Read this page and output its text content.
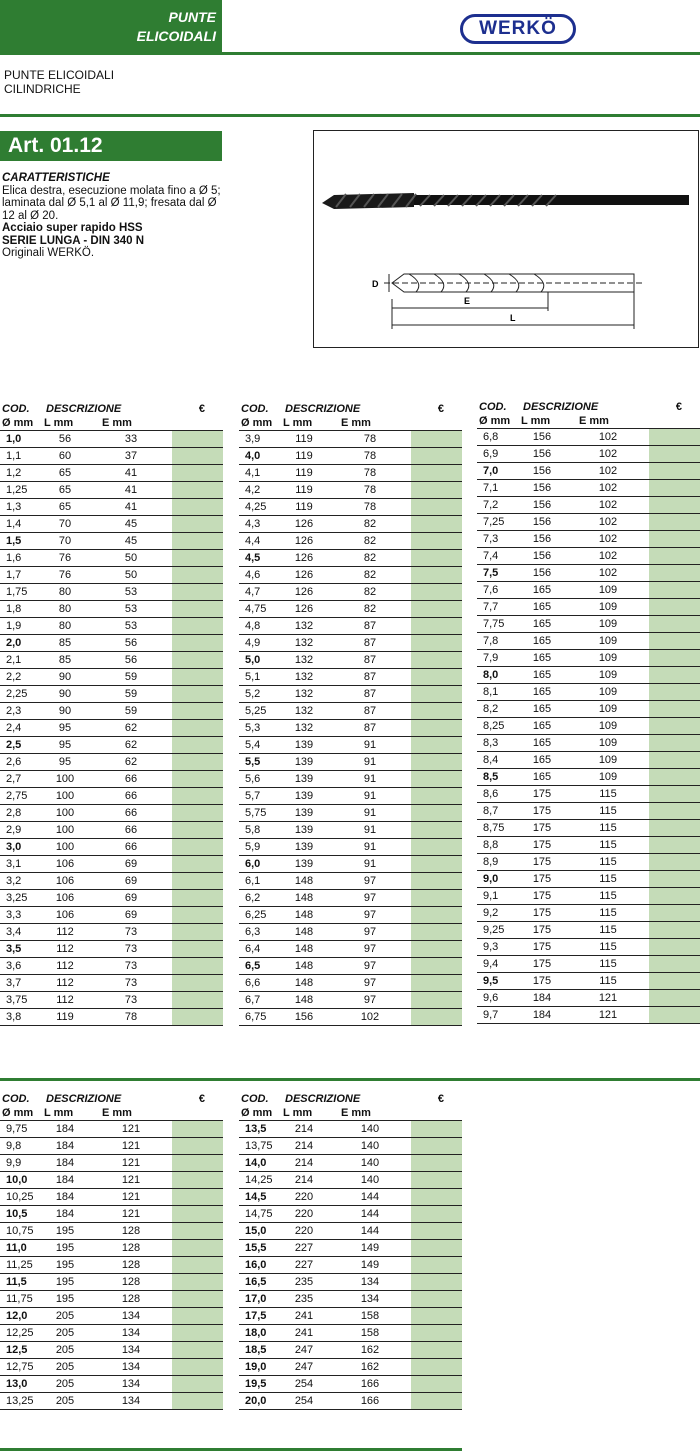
PUNTE
ELICOIDALI	WERKÖ
PUNTE ELICOIDALI
CILINDRICHE
Art. 01.12
CARATTERISTICHE
Elica destra, esecuzione molata fino a Ø 5; laminata dal Ø 5,1 al Ø 11,9; fresata dal Ø 12 al Ø 20.
Acciaio super rapido HSS
SERIE LUNGA - DIN 340 N
Originali WERKÖ.
D
E
L
COD. DESCRIZIONE	€
Ø mm L mm	E mm
1,0	56	33	
1,1	60	37	
1,2	65	41	
1,25	65	41	
1,3	65	41	
1,4	70	45	
1,5	70	45	
1,6	76	50	
1,7	76	50	
1,75	80	53	
1,8	80	53	
1,9	80	53	
2,0	85	56	
2,1	85	56	
2,2	90	59	
2,25	90	59	
2,3	90	59	
2,4	95	62	
2,5	95	62	
2,6	95	62	
2,7	100	66	
2,75	100	66	
2,8	100	66	
2,9	100	66	
3,0	100	66	
3,1	106	69	
3,2	106	69	
3,25	106	69	
3,3	106	69	
3,4	112	73	
3,5	112	73	
3,6	112	73	
3,7	112	73	
3,75	112	73	
3,8	119	78	
COD. DESCRIZIONE	€
Ø mm L mm	E mm
3,9	119	78	
4,0	119	78	
4,1	119	78	
4,2	119	78	
4,25	119	78	
4,3	126	82	
4,4	126	82	
4,5	126	82	
4,6	126	82	
4,7	126	82	
4,75	126	82	
4,8	132	87	
4,9	132	87	
5,0	132	87	
5,1	132	87	
5,2	132	87	
5,25	132	87	
5,3	132	87	
5,4	139	91	
5,5	139	91	
5,6	139	91	
5,7	139	91	
5,75	139	91	
5,8	139	91	
5,9	139	91	
6,0	139	91	
6,1	148	97	
6,2	148	97	
6,25	148	97	
6,3	148	97	
6,4	148	97	
6,5	148	97	
6,6	148	97	
6,7	148	97	
6,75	156	102	
COD. DESCRIZIONE	€
Ø mm L mm	E mm
6,8	156	102	
6,9	156	102	
7,0	156	102	
7,1	156	102	
7,2	156	102	
7,25	156	102	
7,3	156	102	
7,4	156	102	
7,5	156	102	
7,6	165	109	
7,7	165	109	
7,75	165	109	
7,8	165	109	
7,9	165	109	
8,0	165	109	
8,1	165	109	
8,2	165	109	
8,25	165	109	
8,3	165	109	
8,4	165	109	
8,5	165	109	
8,6	175	115	
8,7	175	115	
8,75	175	115	
8,8	175	115	
8,9	175	115	
9,0	175	115	
9,1	175	115	
9,2	175	115	
9,25	175	115	
9,3	175	115	
9,4	175	115	
9,5	175	115	
9,6	184	121	
9,7	184	121	
COD. DESCRIZIONE	€
Ø mm L mm	E mm
9,75	184	121	
9,8	184	121	
9,9	184	121	
10,0	184	121	
10,25	184	121	
10,5	184	121	
10,75	195	128	
11,0	195	128	
11,25	195	128	
11,5	195	128	
11,75	195	128	
12,0	205	134	
12,25	205	134	
12,5	205	134	
12,75	205	134	
13,0	205	134	
13,25	205	134	
COD. DESCRIZIONE	€
Ø mm L mm	E mm
13,5	214	140	
13,75	214	140	
14,0	214	140	
14,25	214	140	
14,5	220	144	
14,75	220	144	
15,0	220	144	
15,5	227	149	
16,0	227	149	
16,5	235	134	
17,0	235	134	
17,5	241	158	
18,0	241	158	
18,5	247	162	
19,0	247	162	
19,5	254	166	
20,0	254	166	
